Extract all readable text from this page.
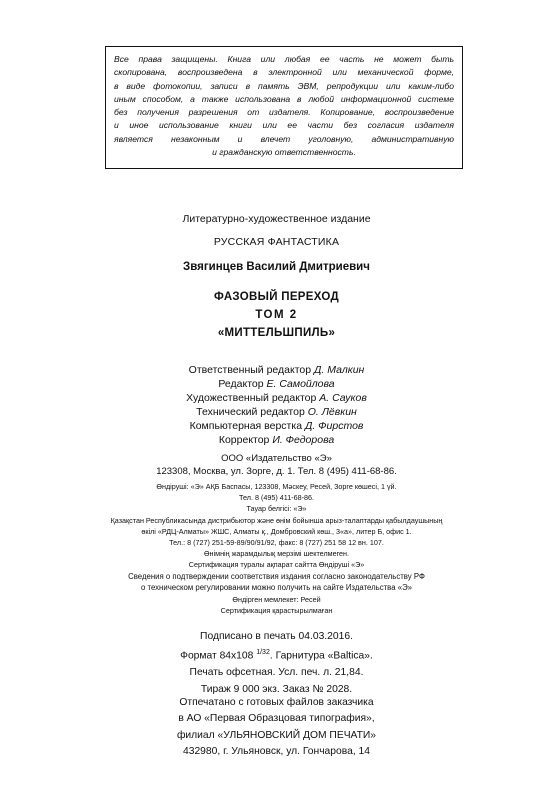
Все права защищены. Книга или любая ее часть не может быть
скопирована, воспроизведена в электронной или механической форме,
в виде фотокопии, записи в память ЭВМ, репродукции или каким-либо
иным способом, а также использована в любой информационной системе
без получения разрешения от издателя. Копирование, воспроизведение
и иное использование книги или ее части без согласия издателя
является незаконным и влечет уголовную, административную
и гражданскую ответственность.
Литературно-художественное издание
РУССКАЯ ФАНТАСТИКА
Звягинцев Василий Дмитриевич
ФАЗОВЫЙ ПЕРЕХОД
ТОМ 2
«МИТТЕЛЬШПИЛЬ»
Ответственный редактор Д. Малкин
Редактор Е. Самойлова
Художественный редактор А. Сауков
Технический редактор О. Лёвкин
Компьютерная верстка Д. Фирстов
Корректор И. Федорова
ООО «Издательство «Э»
123308, Москва, ул. Зорге, д. 1. Тел. 8 (495) 411-68-86.
Өндіруші: «Э» АҚБ Баспасы, 123308, Мәскеу, Ресей, Зорге көшесі, 1 үй.
Тел. 8 (495) 411-68-86.
Тауар белгісі: «Э»
Қазақстан Республикасында дистрибьютор және өнім бойынша арыз-талаптарды қабылдаушының
өкілі «РДЦ-Алматы» ЖШС, Алматы қ., Домбровский көш., 3«а», литер Б, офис 1.
Тел.: 8 (727) 251-59-89/90/91/92, факс: 8 (727) 251 58 12 вн. 107.
Өнімнің жарамдылық мерзімі шектелмеген.
Сертификация туралы ақпарат сайтта Өндіруші «Э»
Сведения о подтверждении соответствия издания согласно законодательству РФ
о техническом регулировании можно получить на сайте Издательства «Э»
Өндірген мемлекет: Ресей
Сертификация қарастырылмаған
Подписано в печать 04.03.2016.
Формат 84x108 $^{1/32}$. Гарнитура «Baltica».
Печать офсетная. Усл. печ. л. 21,84.
Тираж 9 000 экз. Заказ № 2028.
Отпечатано с готовых файлов заказчика
в АО «Первая Образцовая типография»,
филиал «УЛЬЯНОВСКИЙ ДОМ ПЕЧАТИ»
432980, г. Ульяновск, ул. Гончарова, 14
